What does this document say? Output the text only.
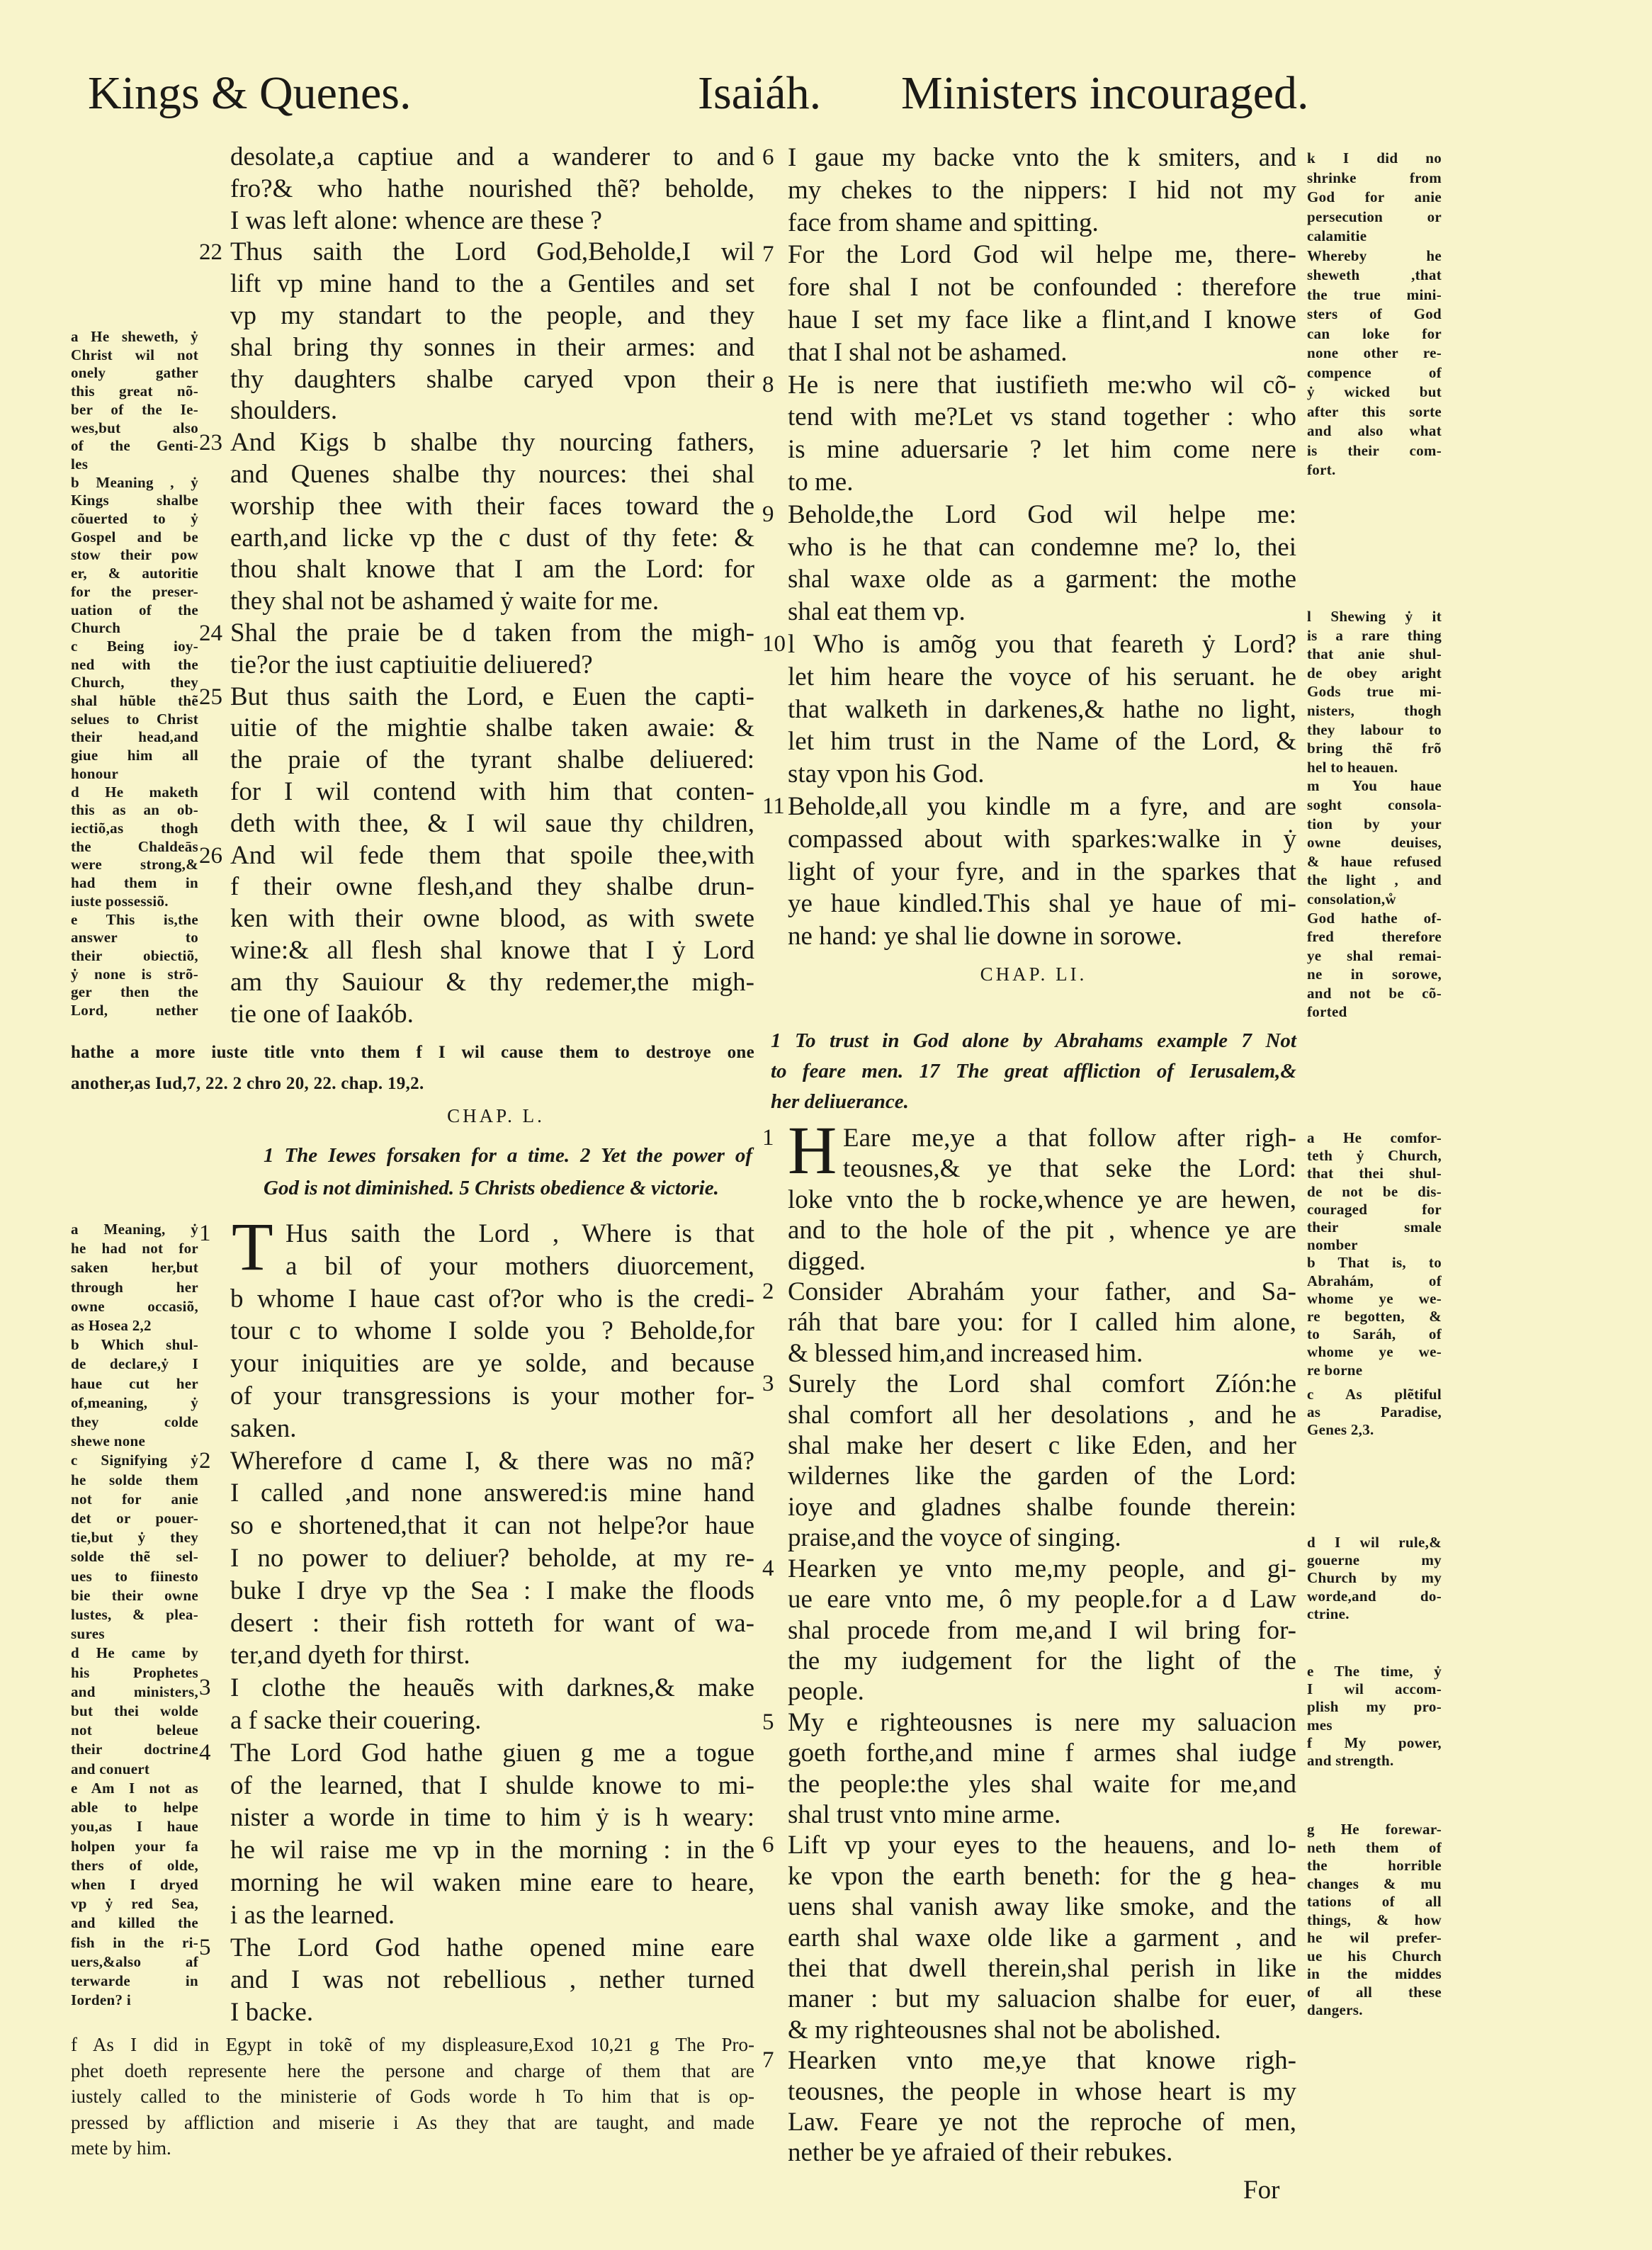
Kings & Quenes.	Isaiáh. Ministers incouraged.
desolate,a captiue and a wanderer to and
fro?& who hathe nourished thẽ? beholde,
I was left alone: whence are these ?
22 Thus saith the Lord God,Beholde,I wil
lift vp mine hand to the a Gentiles and set
vp my standart to the people, and they
shal bring thy sonnes in their armes: and
thy daughters shalbe caryed vpon their
shoulders.
23 And Kigs b shalbe thy nourcing fathers,
and Quenes shalbe thy nources: thei shal
worship thee with their faces toward the
earth,and licke vp the c dust of thy fete: &
thou shalt knowe that I am the Lord: for
they shal not be ashamed ẏ waite for me.
24 Shal the praie be d taken from the migh-
tie?or the iust captiuitie deliuered?
25 But thus saith the Lord, e Euen the capti-
uitie of the mightie shalbe taken awaie: &
the praie of the tyrant shalbe deliuered:
for I wil contend with him that conten-
deth with thee, & I wil saue thy children,
26 And wil fede them that spoile thee,with
f their owne flesh,and they shalbe drun-
ken with their owne blood, as with swete
wine:& all flesh shal knowe that I ẏ Lord
am thy Sauiour & thy redemer,the migh-
tie one of Iaakób.
hathe a more iuste title vnto them f I wil cause them to destroye one
another,as Iud,7, 22. 2 chro 20, 22. chap. 19,2.
CHAP. L.
1 The Iewes forsaken for a time. 2 Yet the power of
God is not diminished. 5 Christs obedience & victorie.
T
1	Hus saith the Lord , Where is that
a bil of your mothers diuorcement,
b whome I haue cast of?or who is the credi-
tour c to whome I solde you ? Beholde,for
your iniquities are ye solde, and because
of your transgressions is your mother for-
saken.
2 Wherefore d came I, & there was no mã?
I called ,and none answered:is mine hand
so e shortened,that it can not helpe?or haue
I no power to deliuer? beholde, at my re-
buke I drye vp the Sea : I make the floods
desert : their fish rotteth for want of wa-
ter,and dyeth for thirst.
3 I clothe the heauẽs with darknes,& make
a f sacke their couering.
4 The Lord God hathe giuen g me a togue
of the learned, that I shulde knowe to mi-
nister a worde in time to him ẏ is h weary:
he wil raise me vp in the morning : in the
morning he wil waken mine eare to heare,
i as the learned.
5 The Lord God hathe opened mine eare
and I was not rebellious , nether turned
I backe.
f As I did in Egypt in tokẽ of my displeasure,Exod 10,21 g The Pro-
phet doeth represente here the persone and charge of them that are
iustely called to the ministerie of Gods worde h To him that is op-
pressed by affliction and miserie i As they that are taught, and made
mete by him.
a He sheweth, ẏ
Christ wil not
onely gather
this great nõ-
ber of the Ie-
wes,but also
of the Genti-
les
b Meaning , ẏ
Kings shalbe
cõuerted to ẏ
Gospel and be
stow their pow
er, & autoritie
for the preser-
uation of the
Church
c Being ioy-
ned with the
Church, they
shal hũble thẽ
selues to Christ
their head,and
giue him all
honour
d He maketh
this as an ob-
iectiõ,as thogh
the Chaldeās
were strong,&
had them in
iuste possessiõ.
e This is,the
answer to
their obiectiõ,
ẏ none is strõ-
ger then the
Lord, nether
a Meaning, ẏ
he had not for
saken her,but
through her
owne occasiõ,
as Hosea 2,2
b Which shul-
de declare,ẏ I
haue cut her
of,meaning, ẏ
they colde
shewe none
c Signifying ẏ
he solde them
not for anie
det or pouer-
tie,but ẏ they
solde thẽ sel-
ues to fiinesto
bie their owne
lustes, & plea-
sures
d He came by
his Prophetes
and ministers,
but thei wolde
not beleue
their doctrine
and conuert
e Am I not as
able to helpe
you,as I haue
holpen your fa
thers of olde,
when I dryed
vp ẏ red Sea,
and killed the
fish in the ri-
uers,&also af
terwarde in
Iorden? i
6 I gaue my backe vnto the k smiters, and
my chekes to the nippers: I hid not my
face from shame and spitting.
7 For the Lord God wil helpe me, there-
fore shal I not be confounded : therefore
haue I set my face like a flint,and I knowe
that I shal not be ashamed.
8 He is nere that iustifieth me:who wil cõ-
tend with me?Let vs stand together : who
is mine aduersarie ? let him come nere
to me.
9 Beholde,the Lord God wil helpe me:
who is he that can condemne me? lo, thei
shal waxe olde as a garment: the mothe
shal eat them vp.
10 l Who is amõg you that feareth ẏ Lord?
let him heare the voyce of his seruant. he
that walketh in darkenes,& hathe no light,
let him trust in the Name of the Lord, &
stay vpon his God.
11 Beholde,all you kindle m a fyre, and are
compassed about with sparkes:walke in ẏ
light of your fyre, and in the sparkes that
ye haue kindled.This shal ye haue of mi-
ne hand: ye shal lie downe in sorowe.
CHAP. LI.
1 To trust in God alone by Abrahams example 7 Not
to feare men. 17 The great affliction of Ierusalem,&
her deliuerance.
H
1	Eare me,ye a that follow after righ-
teousnes,& ye that seke the Lord:
loke vnto the b rocke,whence ye are hewen,
and to the hole of the pit , whence ye are
digged.
2 Consider Abrahám your father, and Sa-
ráh that bare you: for I called him alone,
& blessed him,and increased him.
3 Surely the Lord shal comfort Zíón:he
shal comfort all her desolations , and he
shal make her desert c like Eden, and her
wildernes like the garden of the Lord:
ioye and gladnes shalbe founde therein:
praise,and the voyce of singing.
4 Hearken ye vnto me,my people, and gi-
ue eare vnto me, ô my people.for a d Law
shal procede from me,and I wil bring for-
the my iudgement for the light of the
people.
5 My e righteousnes is nere my saluacion
goeth forthe,and mine f armes shal iudge
the people:the yles shal waite for me,and
shal trust vnto mine arme.
6 Lift vp your eyes to the heauens, and lo-
ke vpon the earth beneth: for the g hea-
uens shal vanish away like smoke, and the
earth shal waxe olde like a garment , and
thei that dwell therein,shal perish in like
maner : but my saluacion shalbe for euer,
& my righteousnes shal not be abolished.
7 Hearken vnto me,ye that knowe righ-
teousnes, the people in whose heart is my
Law. Feare ye not the reproche of men,
nether be ye afraied of their rebukes.
For
k I did no
shrinke from
God for anie
persecution or
calamitie
Whereby he
sheweth ,that
the true mini-
sters of God
can loke for
none other re-
compence of
ẏ wicked but
after this sorte
and also what
is their com-
fort.
l Shewing ẏ it
is a rare thing
that anie shul-
de obey aright
Gods true mi-
nisters, thogh
they labour to
bring thẽ frõ
hel to heauen.
m You haue
soght consola-
tion by your
owne deuises,
& haue refused
the light , and
consolation,ẘ
God hathe of-
fred therefore
ye shal remai-
ne in sorowe,
and not be cõ-
forted
a He comfor-
teth ẏ Church,
that thei shul-
de not be dis-
couraged for
their smale
nomber
b That is, to
Abrahám, of
whome ye we-
re begotten, &
to Saráh, of
whome ye we-
re borne
c As plẽtiful
as Paradise,
Genes 2,3.
d I wil rule,&
gouerne my
Church by my
worde,and do-
ctrine.
e The time, ẏ
I wil accom-
plish my pro-
mes
f My power,
and strength.
g He forewar-
neth them of
the horrible
changes & mu
tations of all
things, & how
he wil prefer-
ue his Church
in the middes
of all these
dangers.
